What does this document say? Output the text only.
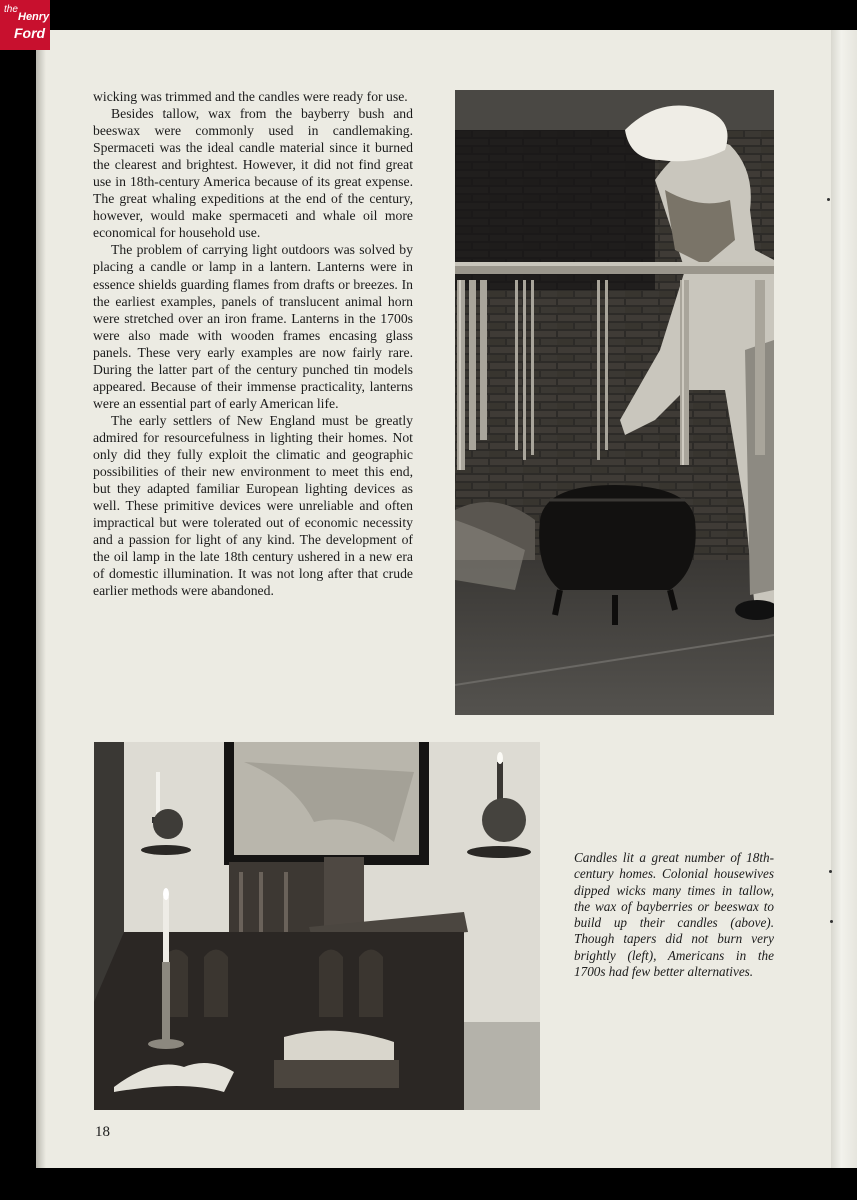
the
Henry
Ford

wicking was trimmed and the candles were ready for use.

Besides tallow, wax from the bayberry bush and beeswax were commonly used in candlemaking. Spermaceti was the ideal candle material since it burned the clearest and brightest. However, it did not find great use in 18th-century America because of its great expense. The great whaling expeditions at the end of the century, however, would make spermaceti and whale oil more economical for household use.

The problem of carrying light outdoors was solved by placing a candle or lamp in a lantern. Lanterns were in essence shields guarding flames from drafts or breezes. In the earliest examples, panels of translucent animal horn were stretched over an iron frame. Lanterns in the 1700s were also made with wooden frames encasing glass panels. These very early examples are now fairly rare. During the latter part of the century punched tin models appeared. Because of their immense practicality, lanterns were an essential part of early American life.

The early settlers of New England must be greatly admired for resourcefulness in lighting their homes. Not only did they fully exploit the climatic and geographic possibilities of their new environment to meet this end, but they adapted familiar European lighting devices as well. These primitive devices were unreliable and often impractical but were tolerated out of economic necessity and a passion for light of any kind. The development of the oil lamp in the late 18th century ushered in a new era of domestic illumination. It was not long after that crude earlier methods were abandoned.

Candles lit a great number of 18th-century homes. Colonial housewives dipped wicks many times in tallow, the wax of bayberries or beeswax to build up their candles (above). Though tapers did not burn very brightly (left), Americans in the 1700s had few better alternatives.
18
